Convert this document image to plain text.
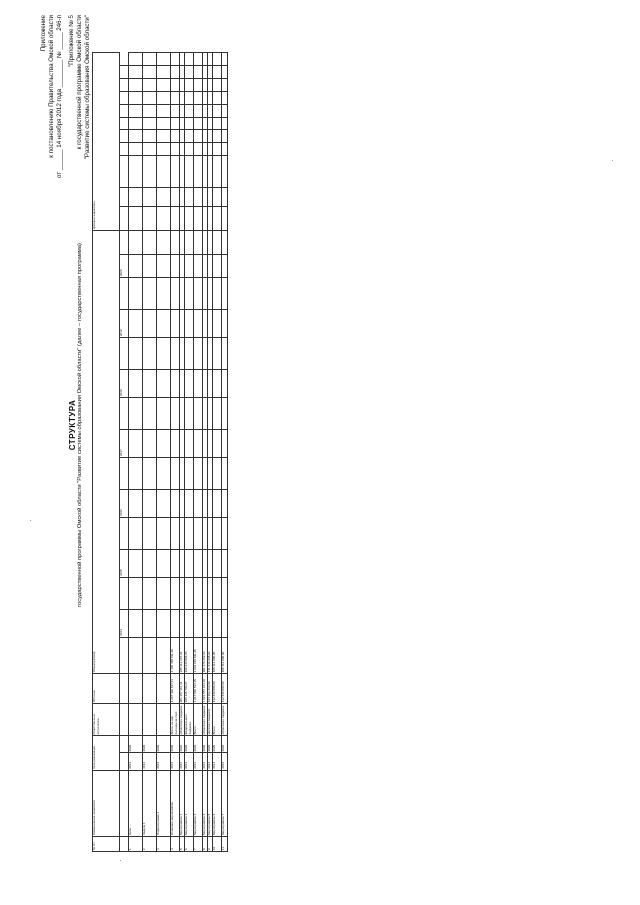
Приложение к постановлению Правительства Омской области от ______ 14 ноября 2012 года ________ № _____ 246-п "Приложение № 5 к государственной программе Омской области "Развитие системы образования Омской области"
СТРУКТУРА государственной программы Омской области "Развитие системы образования Омской области" (далее – государственная программа)
№ п/п	Наименование показателя	Срок реализации		Ответственный исполнитель	Источник	Объем (рублей)															Целевые индикаторы										
							2014		2015		2016		2017		2018		2019		2020												
1	Цель: ...	2014	2020																												
2	Задача 1	2014	2020																												
3	Подпрограмма 1	2014	2020																												
4	Основное мероприятие	2014	2020	Всего, из них расходы за счет:	1 267 492 817,41	1 165 458 011,40																									
5	Мероприятие 1	2014	2020	областного бюджета	981 357 116,44	945 113 207,34																									
6	Мероприятие 2	2014	2020	федерального бюджета	186 135 700,97	220 344 804,06																									
7	Мероприятие 3	2014	2020	Всего	1 217 860 512,35	1 043 018 811,45																									
8	Мероприятие 4	2014	2020	областного бюджета	1 023 557 101,36	901 374 202,53																									
9	Мероприятие 5	2014	2020	местного бюджета	194 303 410,99	141 644 608,92																									
10	Мероприятие 6	2014	2020	Всего	412 840 000,00	405 112 000,00																									
11	Мероприятие 7	2014	2020	областного бюджета	412 840 000,00	405 112 000,00																									
